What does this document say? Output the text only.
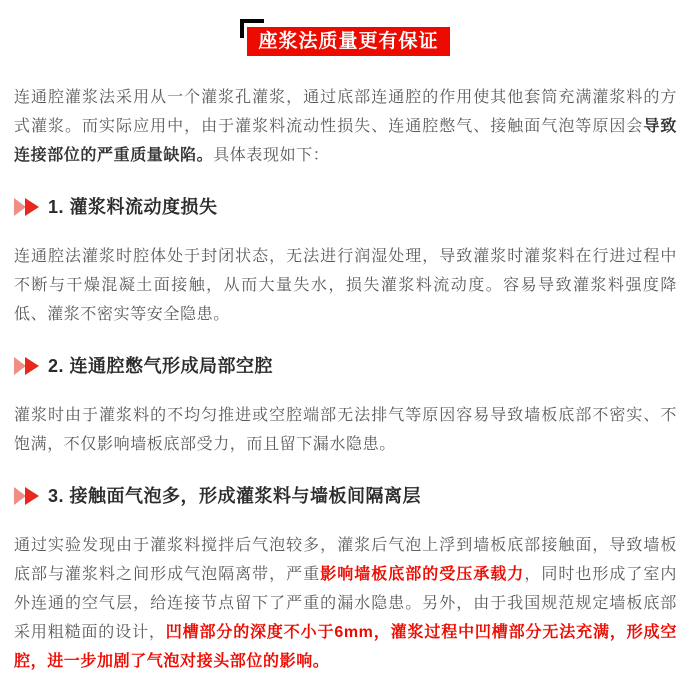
座浆法质量更有保证

连通腔灌浆法采用从一个灌浆孔灌浆，通过底部连通腔的作用使其他套筒充满灌浆料的方式灌浆。而实际应用中，由于灌浆料流动性损失、连通腔憋气、接触面气泡等原因会导致连接部位的严重质量缺陷。具体表现如下：

1. 灌浆料流动度损失

连通腔法灌浆时腔体处于封闭状态，无法进行润湿处理，导致灌浆时灌浆料在行进过程中不断与干燥混凝土面接触，从而大量失水，损失灌浆料流动度。容易导致灌浆料强度降低、灌浆不密实等安全隐患。

2. 连通腔憋气形成局部空腔

灌浆时由于灌浆料的不均匀推进或空腔端部无法排气等原因容易导致墙板底部不密实、不饱满，不仅影响墙板底部受力，而且留下漏水隐患。

3. 接触面气泡多，形成灌浆料与墙板间隔离层

通过实验发现由于灌浆料搅拌后气泡较多，灌浆后气泡上浮到墙板底部接触面，导致墙板底部与灌浆料之间形成气泡隔离带，严重影响墙板底部的受压承载力，同时也形成了室内外连通的空气层，给连接节点留下了严重的漏水隐患。另外，由于我国规范规定墙板底部采用粗糙面的设计，凹槽部分的深度不小于6mm，灌浆过程中凹槽部分无法充满，形成空腔，进一步加剧了气泡对接头部位的影响。
